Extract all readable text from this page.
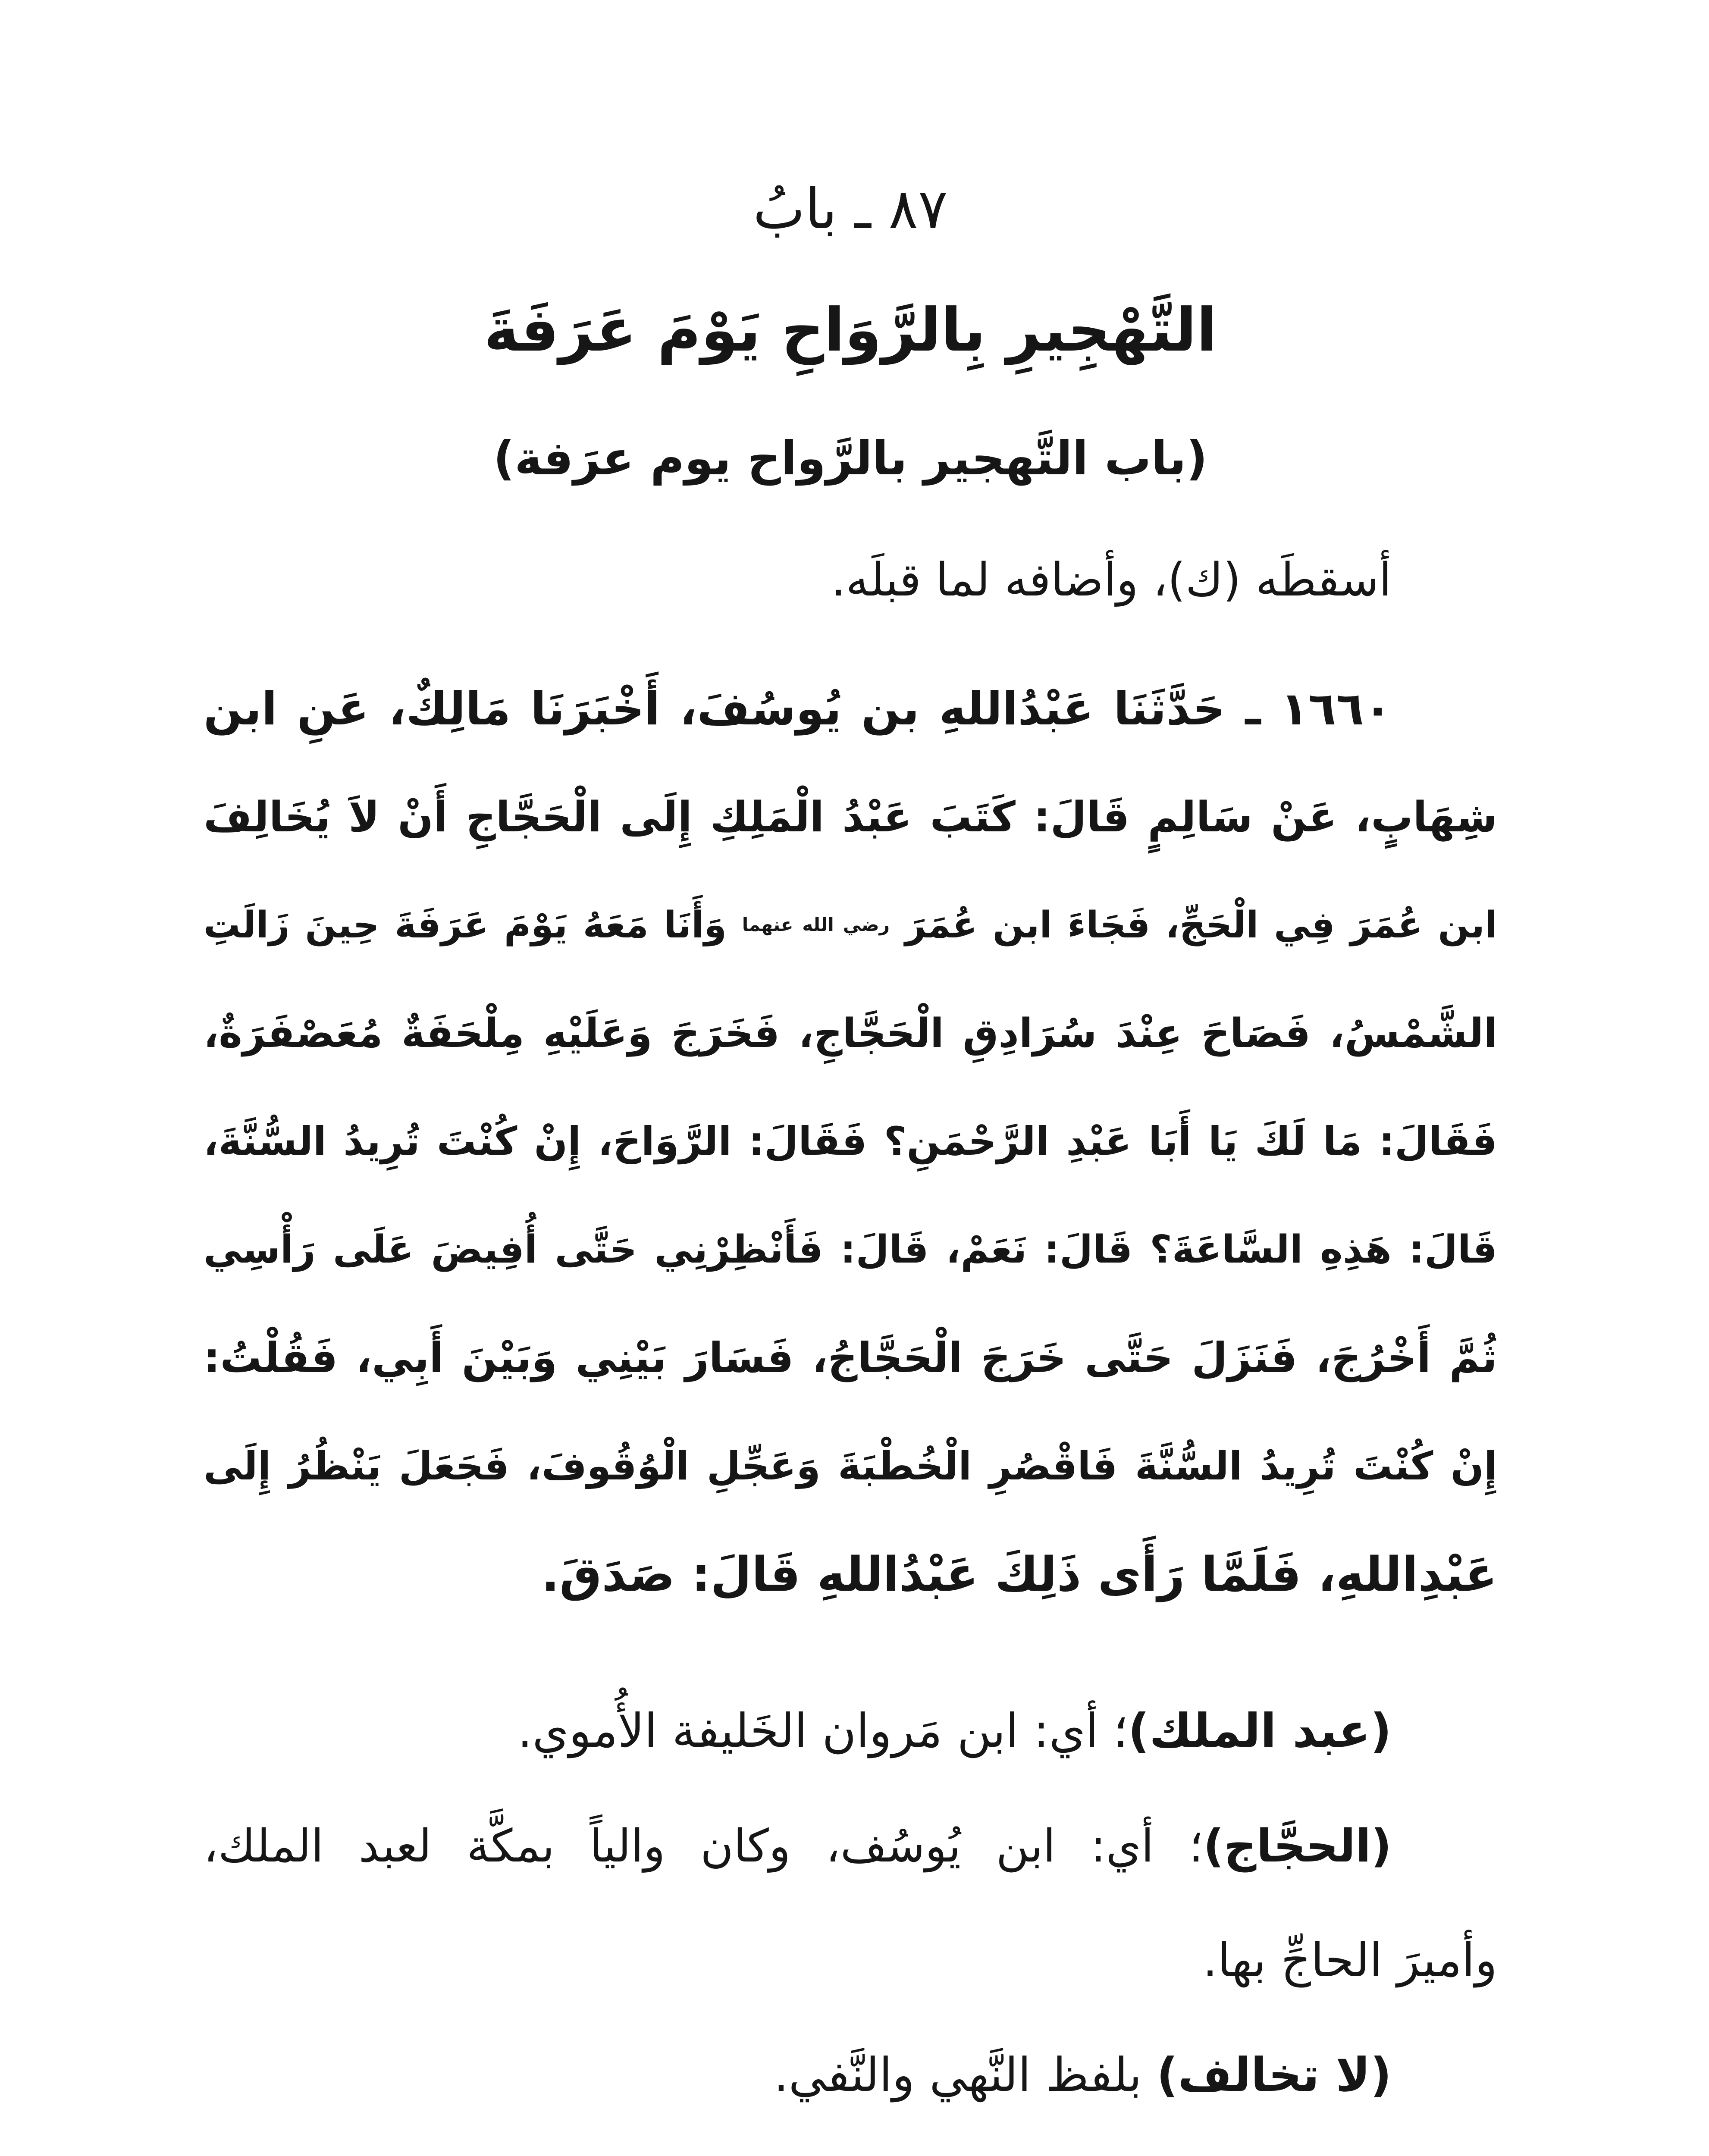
٨٧ ـ بابُ
التَّهْجِيرِ بِالرَّوَاحِ يَوْمَ عَرَفَةَ
(باب التَّهجير بالرَّواح يوم عرَفة)
أسقطَه (ك)، وأضافه لما قبلَه.
١٦٦٠ ـ حَدَّثَنَا عَبْدُاللهِ بن يُوسُفَ، أَخْبَرَنَا مَالِكٌ، عَنِ ابن
شِهَابٍ، عَنْ سَالِمٍ قَالَ: كَتَبَ عَبْدُ الْمَلِكِ إِلَى الْحَجَّاجِ أَنْ لاَ يُخَالِفَ
ابن عُمَرَ فِي الْحَجِّ، فَجَاءَ ابن عُمَرَ رضي الله عنهما وَأَنَا مَعَهُ يَوْمَ عَرَفَةَ حِينَ زَالَتِ
الشَّمْسُ، فَصَاحَ عِنْدَ سُرَادِقِ الْحَجَّاجِ، فَخَرَجَ وَعَلَيْهِ مِلْحَفَةٌ مُعَصْفَرَةٌ،
فَقَالَ: مَا لَكَ يَا أَبَا عَبْدِ الرَّحْمَنِ؟ فَقَالَ: الرَّوَاحَ، إِنْ كُنْتَ تُرِيدُ السُّنَّةَ،
قَالَ: هَذِهِ السَّاعَةَ؟ قَالَ: نَعَمْ، قَالَ: فَأَنْظِرْنِي حَتَّى أُفِيضَ عَلَى رَأْسِي
ثُمَّ أَخْرُجَ، فَنَزَلَ حَتَّى خَرَجَ الْحَجَّاجُ، فَسَارَ بَيْنِي وَبَيْنَ أَبِي، فَقُلْتُ:
إِنْ كُنْتَ تُرِيدُ السُّنَّةَ فَاقْصُرِ الْخُطْبَةَ وَعَجِّلِ الْوُقُوفَ، فَجَعَلَ يَنْظُرُ إِلَى
عَبْدِاللهِ، فَلَمَّا رَأَى ذَلِكَ عَبْدُاللهِ قَالَ: صَدَقَ.
(عبد الملك)؛ أي: ابن مَروان الخَليفة الأُموي.
(الحجَّاج)؛ أي: ابن يُوسُف، وكان والياً بمكَّة لعبد الملك،
وأميرَ الحاجِّ بها.
(لا تخالف) بلفظ النَّهي والنَّفي.
